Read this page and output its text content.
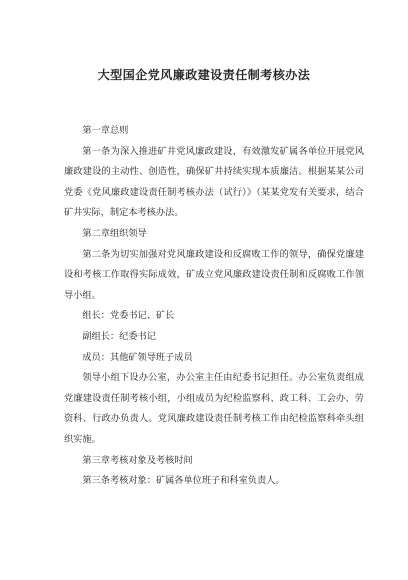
大型国企党风廉政建设责任制考核办法

第一章总则

第一条为深入推进矿井党风廉政建设，有效激发矿属各单位开展党风廉政建设的主动性、创造性，确保矿井持续实现本质廉洁。根据某某公司党委《党风廉政建设责任制考核办法（试行）》（某某党发有关要求，结合矿井实际，制定本考核办法。

第二章组织领导

第二条为切实加强对党风廉政建设和反腐败工作的领导，确保党廉建设和考核工作取得实际成效，矿成立党风廉政建设责任制和反腐败工作领导小组。

组长：党委书记、矿长

副组长：纪委书记

成员：其他矿领导班子成员

领导小组下设办公室，办公室主任由纪委书记担任。办公室负责组成党廉建设责任制考核小组，小组成员为纪检监察科、政工科、工会办、劳资科、行政办负责人。党风廉政建设责任制考核工作由纪检监察科牵头组织实施。

第三章考核对象及考核时间

第三条考核对象：矿属各单位班子和科室负责人。
